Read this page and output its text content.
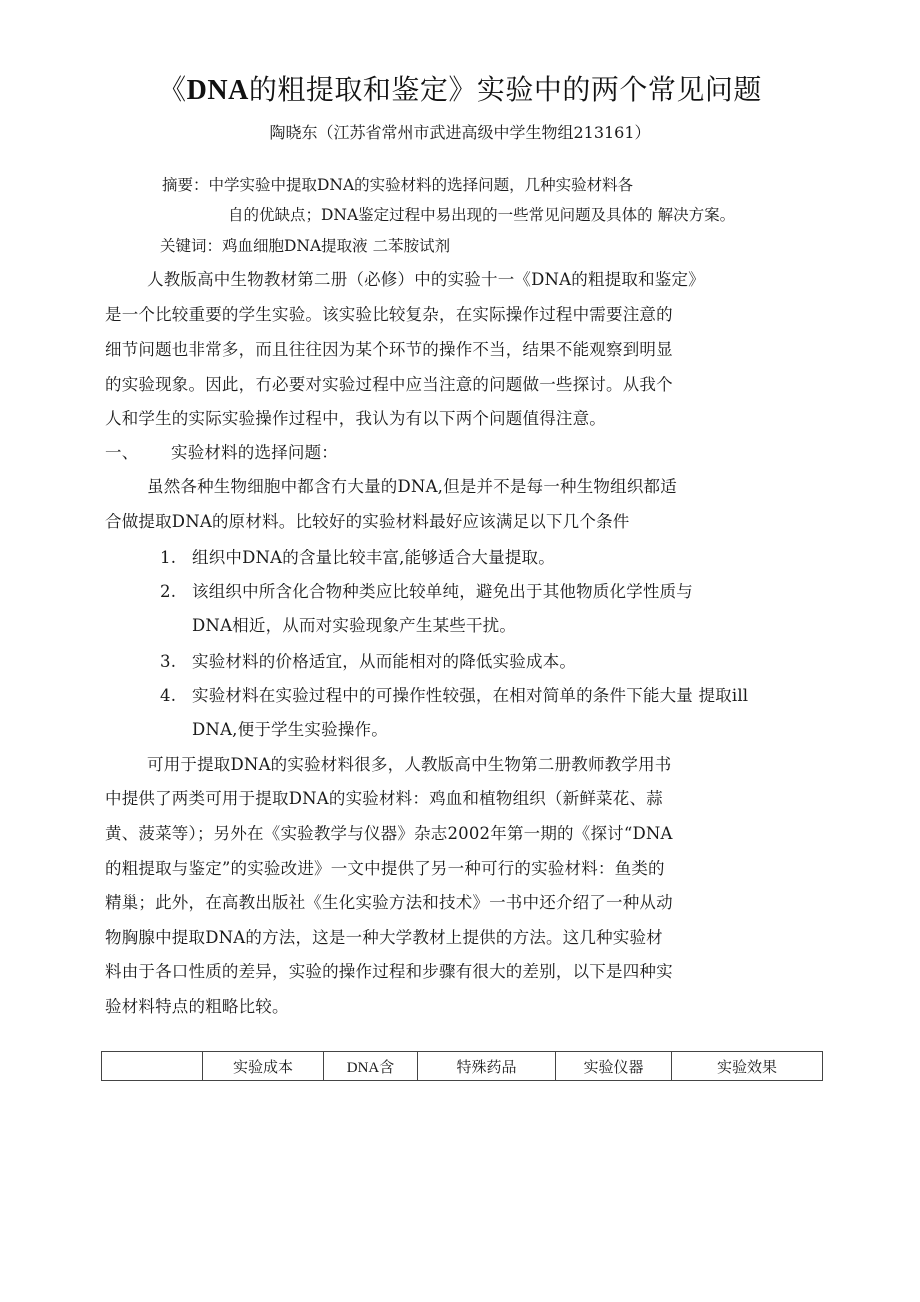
《DNA的粗提取和鉴定》实验中的两个常见问题
陶晓东（江苏省常州市武进高级中学生物组213161）
摘要：中学实验中提取DNA的实验材料的选择问题，几种实验材料各
自的优缺点；DNA鉴定过程中易出现的一些常见问题及具体的 解决方案。
关键词：鸡血细胞DNA提取液 二苯胺试剂
人教版高中生物教材第二册（必修）中的实验十一《DNA的粗提取和鉴定》
是一个比较重要的学生实验。该实验比较复杂，在实际操作过程中需要注意的
细节问题也非常多，而且往往因为某个环节的操作不当，结果不能观察到明显
的实验现象。因此，冇必要对实验过程中应当注意的问题做一些探讨。从我个
人和学生的实际实验操作过程中，我认为有以下两个问题值得注意。
一、 实验材料的选择问题：
虽然各种生物细胞中都含冇大量的DNA,但是并不是每一种生物组织都适
合做提取DNA的原材料。比较好的实验材料最好应该满足以下几个条件
1. 组织中DNA的含量比较丰富,能够适合大量提取。
2. 该组织中所含化合物种类应比较单纯，避免出于其他物质化学性质与
DNA相近，从而对实验现象产生某些干扰。
3. 实验材料的价格适宜，从而能相对的降低实验成本。
4. 实验材料在实验过程中的可操作性较强，在相对简单的条件下能大量 提取ill
DNA,便于学生实验操作。
可用于提取DNA的实验材料很多，人教版高中生物第二册教师教学用书
中提供了两类可用于提取DNA的实验材料：鸡血和植物组织（新鲜菜花、蒜
黄、菠菜等）；另外在《实验教学与仪器》杂志2002年第一期的《探讨“DNA
的粗提取与鉴定”的实验改进》一文中提供了另一种可行的实验材料：鱼类的
精巢；此外，在高教出版社《生化实验方法和技术》一书中还介绍了一种从动
物胸腺中提取DNA的方法，这是一种大学教材上提供的方法。这几种实验材
料由于各口性质的差异，实验的操作过程和步骤有很大的差别，以下是四种实
验材料特点的粗略比较。
	实验成本	DNA含	特殊药品	实验仪器	实验效果
